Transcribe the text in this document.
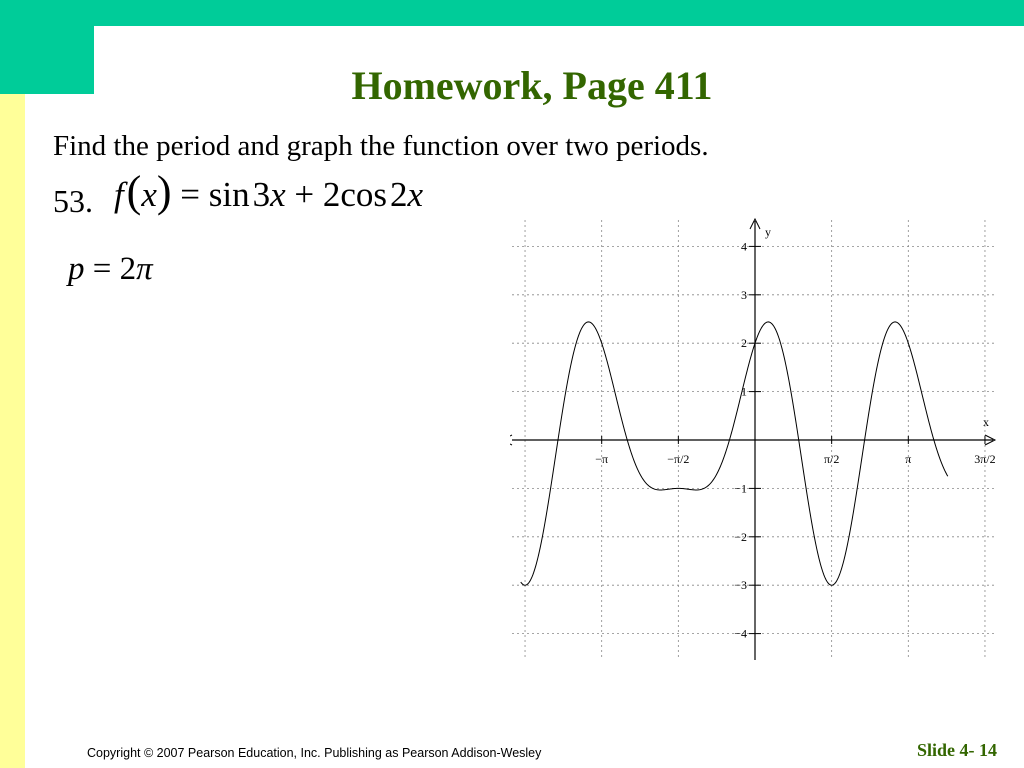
Homework, Page 411
Find the period and graph the function over two periods.
53. f (x) = sin 3x + 2cos 2x
p = 2π
−π	−π/2	π/2	π	3π/2
4
3
2
1
−1
−2
−3
−4
x
y
Copyright © 2007 Pearson Education, Inc. Publishing as Pearson Addison-Wesley	Slide 4- 14
